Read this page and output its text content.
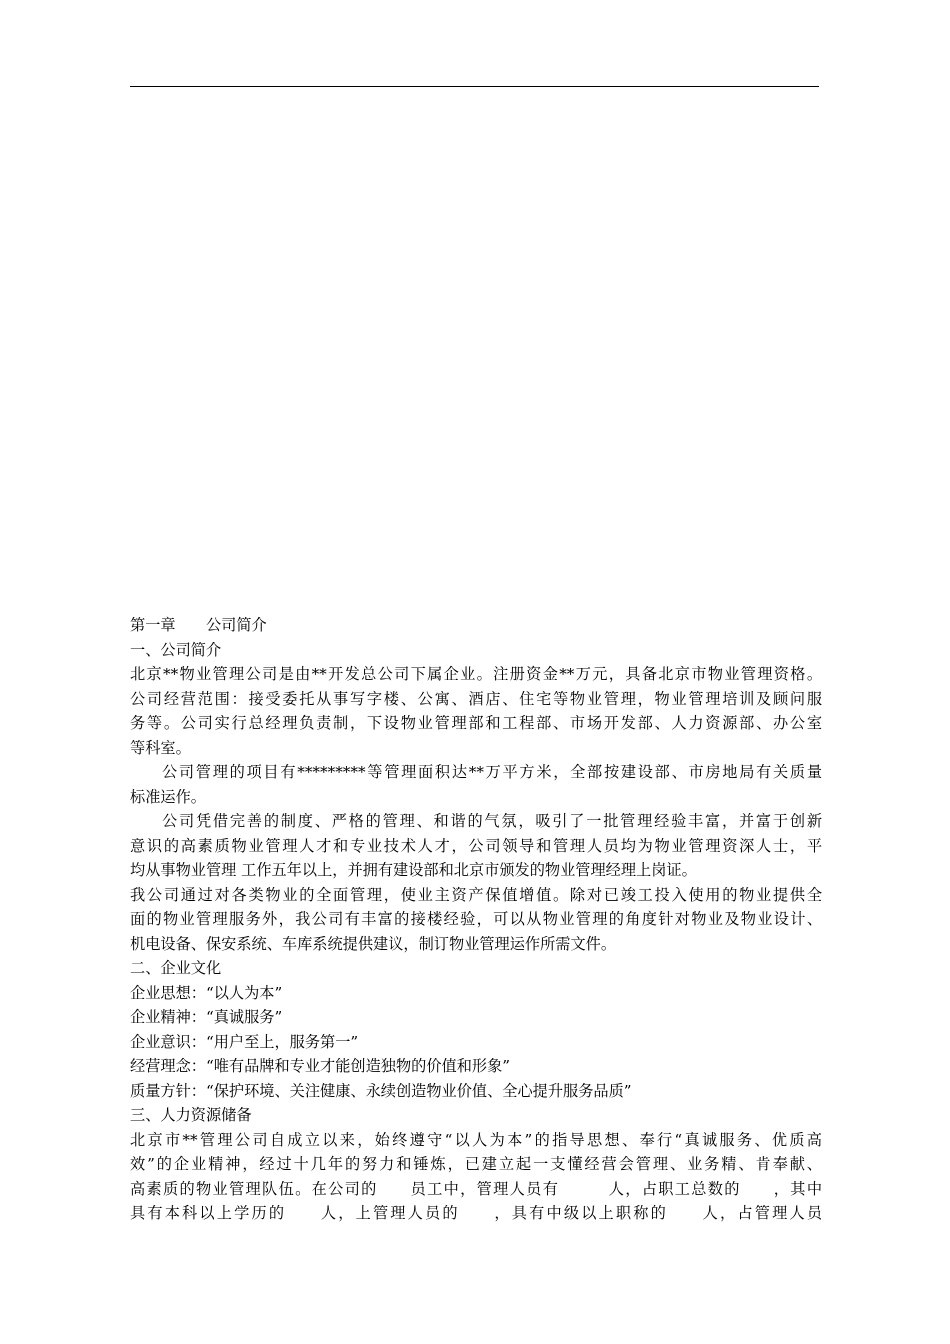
第一章　　公司简介
一、公司简介
北京**物业管理公司是由**开发总公司下属企业。注册资金**万元，具备北京市物业管理资格。
公司经营范围：接受委托从事写字楼、公寓、酒店、住宅等物业管理，物业管理培训及顾问服
务等。公司实行总经理负责制，下设物业管理部和工程部、市场开发部、人力资源部、办公室
等科室。
公司管理的项目有*********等管理面积达**万平方米，全部按建设部、市房地局有关质量
标准运作。
公司凭借完善的制度、严格的管理、和谐的气氛，吸引了一批管理经验丰富，并富于创新
意识的高素质物业管理人才和专业技术人才，公司领导和管理人员均为物业管理资深人士，平
均从事物业管理 工作五年以上，并拥有建设部和北京市颁发的物业管理经理上岗证。
我公司通过对各类物业的全面管理，使业主资产保值增值。除对已竣工投入使用的物业提供全
面的物业管理服务外，我公司有丰富的接楼经验，可以从物业管理的角度针对物业及物业设计、
机电设备、保安系统、车库系统提供建议，制订物业管理运作所需文件。
二、企业文化
企业思想：“以人为本”
企业精神：“真诚服务”
企业意识：“用户至上，服务第一”
经营理念：“唯有品牌和专业才能创造独物的价值和形象”
质量方针：“保护环境、关注健康、永续创造物业价值、全心提升服务品质”
三、人力资源储备
北京市**管理公司自成立以来，始终遵守“以人为本”的指导思想、奉行“真诚服务、优质高
效”的企业精神，经过十几年的努力和锤炼，已建立起一支懂经营会管理、业务精、肯奉献、
高素质的物业管理队伍。在公司的　　员工中，管理人员有　　　人，占职工总数的　　，其中
具有本科以上学历的　　人，上管理人员的　　，具有中级以上职称的　　人，占管理人员
